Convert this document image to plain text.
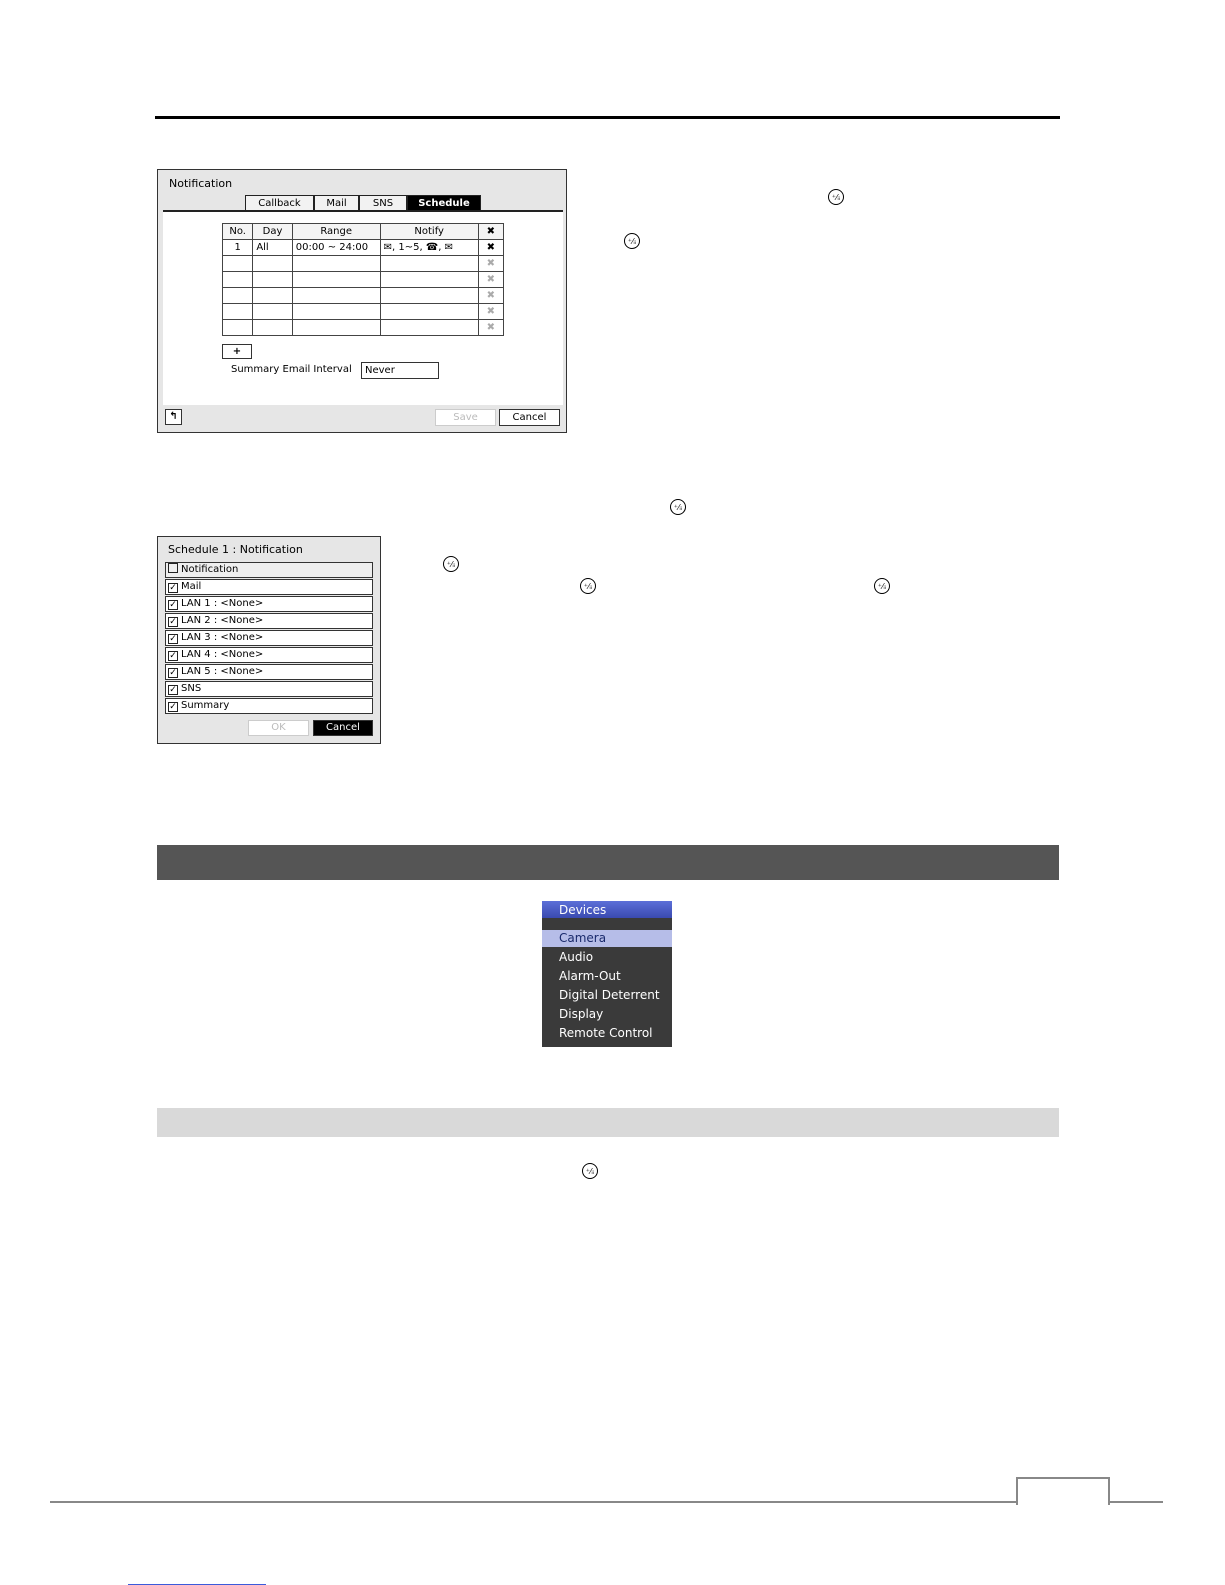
Notification
Callback	Mail	SNS	Schedule
No.	Day	Range	Notify	✖
1	All	00:00 ~ 24:00	✉, 1~5, ☎, ✉	✖
				✖
				✖
				✖
				✖
				✖
+
Summary Email Interval	Never
↰	Save	Cancel
⁺⁄ᵢᵢ
⁺⁄ᵢᵢ
⁺⁄ᵢᵢ
⁺⁄ᵢᵢ
⁺⁄ᵢᵢ	⁺⁄ᵢᵢ
⁺⁄ᵢᵢ
Schedule 1 : Notification
Notification
✓ Mail
✓ LAN 1 : <None>
✓ LAN 2 : <None>
✓ LAN 3 : <None>
✓ LAN 4 : <None>
✓ LAN 5 : <None>
✓ SNS
✓ Summary
OK	Cancel
Devices
Camera
Audio
Alarm-Out
Digital Deterrent
Display
Remote Control
